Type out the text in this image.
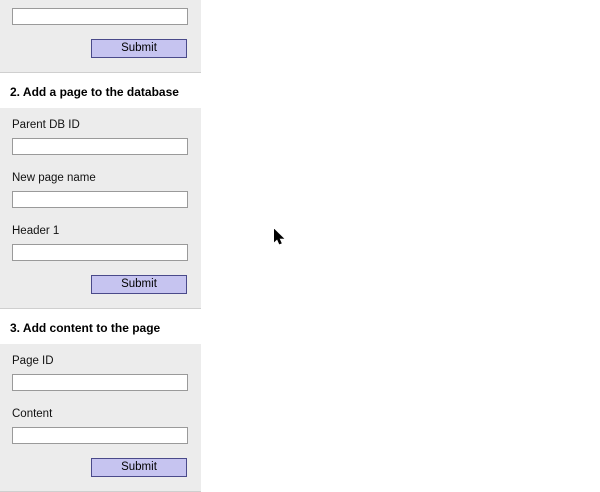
Submit
2. Add a page to the database
Parent DB ID
New page name
Header 1
Submit
3. Add content to the page
Page ID
Content
Submit
